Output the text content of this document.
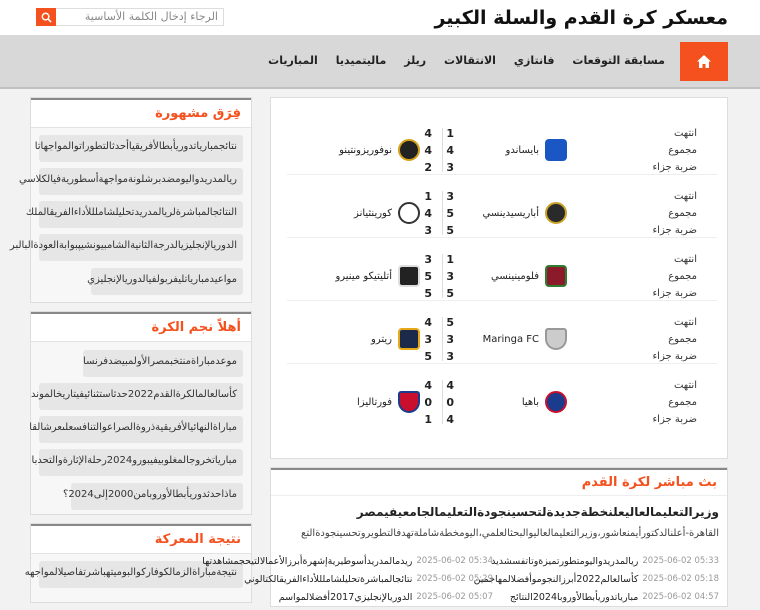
معسكر كرة القدم والسلة الكبير
الرجاء إدخال الكلمة الأساسية
مسابقة التوقعات
فانتازي
الانتقالات
ريلز
ماليتميديا
المباريات
فِرَق مشهورة
نتائجمبارياتدوريأبطالأفريقياأحدثالتطوراتوالمواجهاتا
ريالمدريدواليومضدبرشلونةمواجهةأسطوريةفيالكلاسي
النتائجالمباشرةلريالمدريدتحليلشاملللأداءالفريقالملك
الدوريالإنجليزيالدرجةالثانيةالشامبيونشيپبوابةالعودةالبالبر
مواعيدمبارياتليفربولفيالدوريالإنجليزي
أهلاً نجم الكرة
موعدمباراةمنتخبمصرالأولمبيضدفرنسا
كأسالعالمالكرةالقدم2022حدثاستثنائيفيتاريخالموند
مباراةالنهائيالأفريقيةذروةالصراعوالتنافسعلىعرشالقا
مبارياتخروجالمغلوبيفيبورو2024رحلةالإثارةوالتحدبا
ماذاحدثدوريأبطالأوروبامن2000إلى2024؟
نتيجة المعركة
نتيجةمباراةالزمالكوفاركوالبوميتهباشرتفاصيلالمواجهه
انتهت
مجموع
ضربة جزاء
بايساندو
1
4
3
4
4
2
نوفوريزونتينو
انتهت
مجموع
ضربة جزاء
أباريسيدينسي
3
5
5
1
4
3
كورينثيانز
انتهت
مجموع
ضربة جزاء
فلومينينسي
1
3
5
3
5
5
أتليتيكو مينيرو
انتهت
مجموع
ضربة جزاء
Maringa FC
5
3
3
4
3
5
ريترو
انتهت
مجموع
ضربة جزاء
باهيا
4
0
4
4
0
1
فورتاليزا
بث مباشر لكرة القدم
وزيرالتعليمالعاليعلنخطةجديدةلتحسينجودةالتعليمالجامعيفيمصر
القاهرة-أعلنالدكتورأيمنعاشور،وزيرالتعليمالعاليوالبحثالعلمي،اليومخطةشاملةتهدفالتطويروتحسينجودةالتع
2025-06-02 05:33
ريالمدريدواليومتطورتميزةوتاتفسشديد
2025-06-02 05:34
ريدمالمدريدأسوطيريةإشهرةأبرزالأعمالالتيحجمشاهدتها
2025-06-02 05:18
كأسالعالم2022أبرزالنجوموأفضلالمهاجمين
2025-06-02 05:29
نتائجالمباشرةتحليلشاملللأداءالفريقالكتالوني
2025-06-02 04:57
مبارياتدوريأبطالأوروبا2024النتائج
2025-06-02 05:07
الدوريالإنجليزي2017أفضلالمواسم
